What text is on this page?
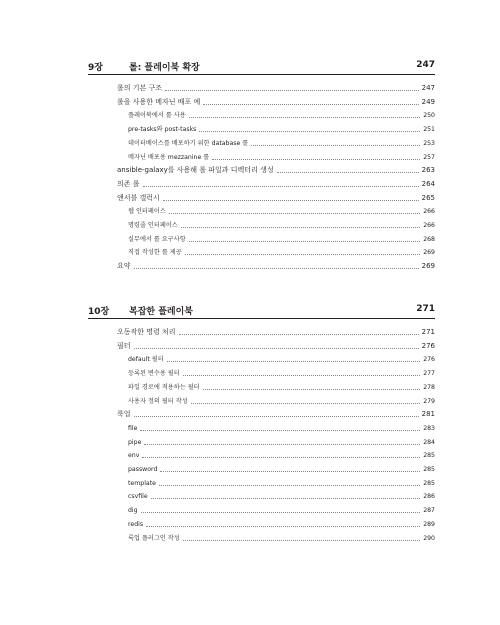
9장	롤: 플레이북 확장	247
롤의 기본 구조	247
롤을 사용한 메자닌 배포 예	249
플레이북에서 롤 사용	250
pre-tasks와 post-tasks	251
데이터베이스를 배포하기 위한 database 롤	253
메자닌 배포용 mezzanine 롤	257
ansible-galaxy를 사용해 롤 파일과 디렉터리 생성	263
의존 롤	264
앤서블 갤럭시	265
웹 인터페이스	266
명령줄 인터페이스	266
실무에서 롤 요구사항	268
직접 작성한 롤 제공	269
요약	269
10장 복잡한 플레이북	271
오동작한 명령 처리	271
필터	276
default 필터	276
등록된 변수용 필터	277
파일 경로에 적용하는 필터	278
사용자 정의 필터 작성	279
룩업	281
file	283
pipe	284
env	285
password	285
template	285
csvfile	286
dig	287
redis	289
룩업 플러그인 작성	290
